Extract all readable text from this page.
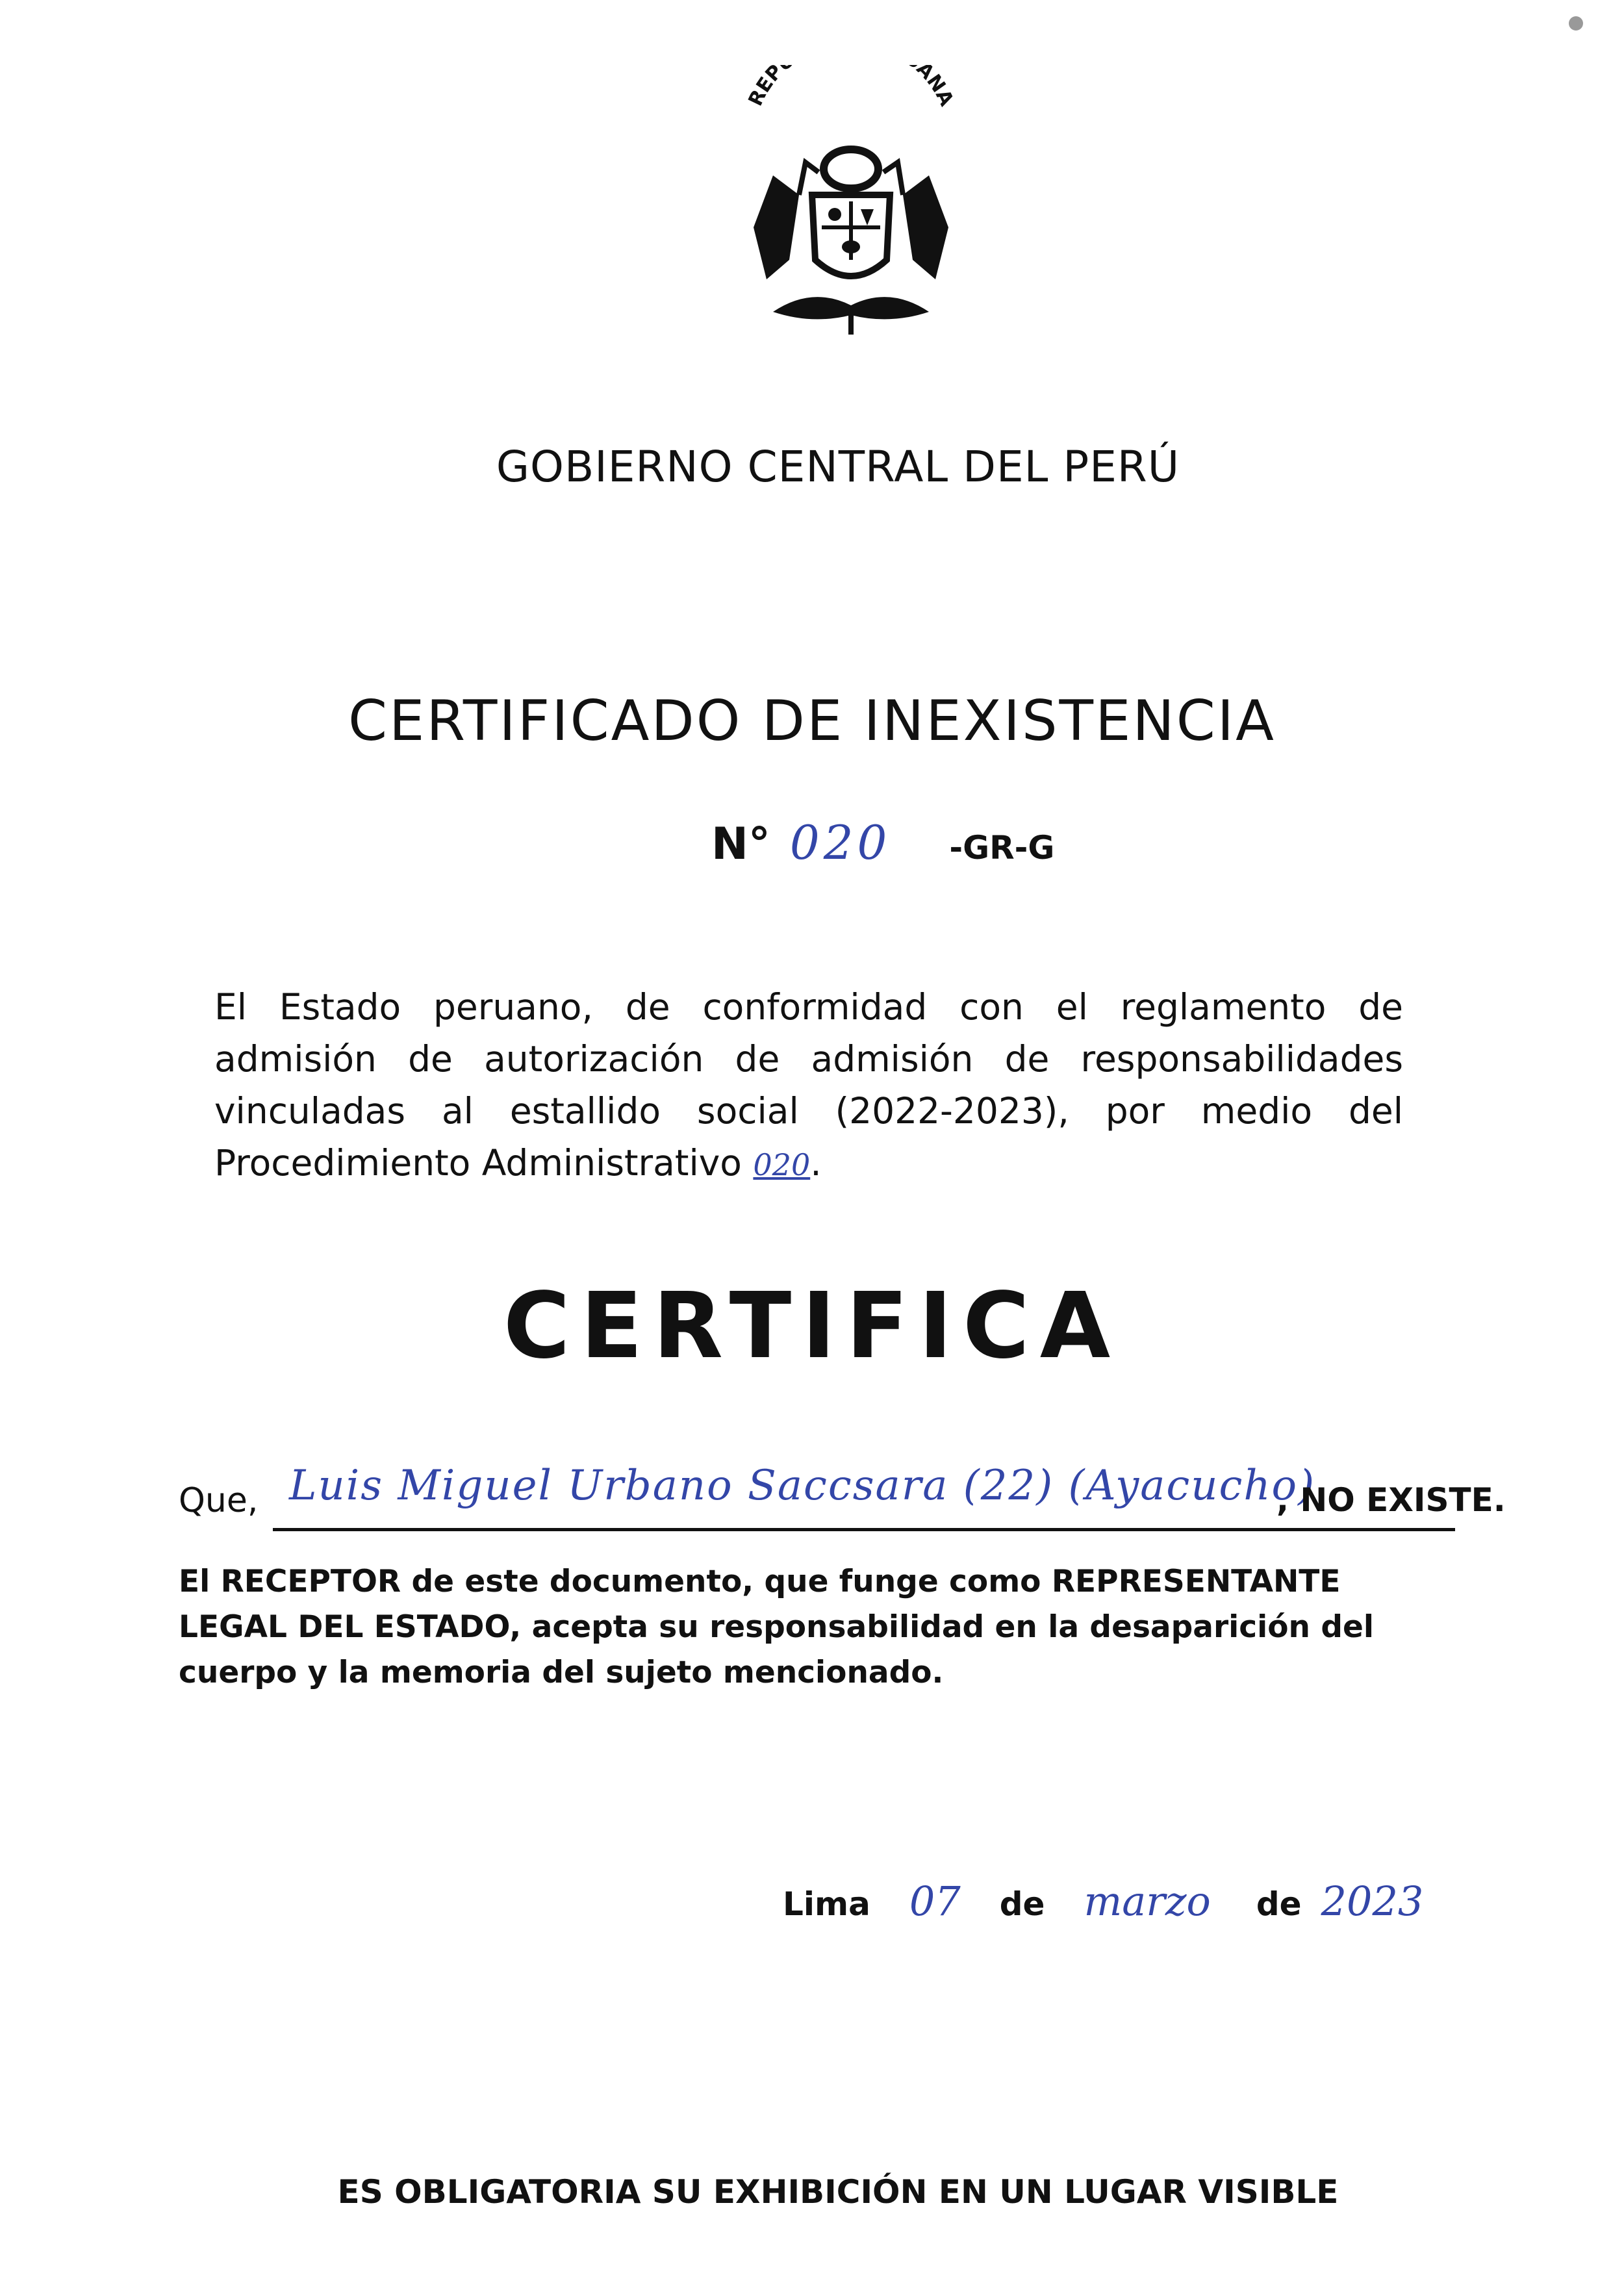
REP ANA
GOBIERNO CENTRAL DEL PERÚ
CERTIFICADO DE INEXISTENCIA
N° 020 -GR-G
El Estado peruano, de conformidad con el reglamento de admisión de autorización de admisión de responsabilidades vinculadas al estallido social (2022-2023), por medio del Procedimiento Administrativo 020.
CERTIFICA
Que, Luis Miguel Urbano Saccsara (22) (Ayacucho)
, NO EXISTE.
El RECEPTOR de este documento, que funge como REPRESENTANTE LEGAL DEL ESTADO, acepta su responsabilidad en la desaparición del cuerpo y la memoria del sujeto mencionado.
Lima 07 de marzo de 2023
ES OBLIGATORIA SU EXHIBICIÓN EN UN LUGAR VISIBLE
